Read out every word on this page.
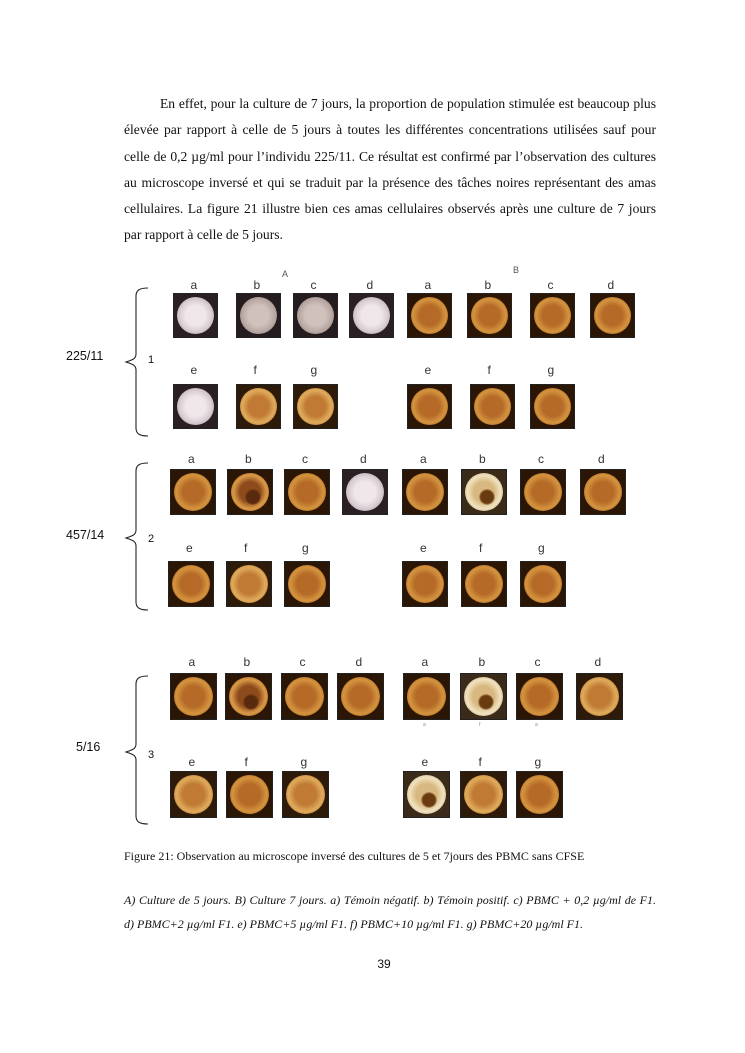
En effet, pour la culture de 7 jours, la proportion de population stimulée est beaucoup plus élevée par rapport à celle de 5 jours à toutes les différentes concentrations utilisées sauf pour celle de 0,2 µg/ml pour l’individu 225/11. Ce résultat est confirmé par l’observation des cultures au microscope inversé et qui se traduit par la présence des tâches noires représentant des amas cellulaires. La figure 21 illustre bien ces amas cellulaires observés après une culture de 7 jours par rapport à celle de 5 jours.

a	b	c	d	a	b	c	d
e	f	g	e	f	g
a	b	c	d	a	b	c	d
e	f	g	e	f	g
a	b	c	d	a	b	c	d
e	f	g	e	f	g
A	B
a	f	a
225/11
457/14
5/16
1
2
3

Figure 21: Observation au microscope inversé des cultures de 5 et 7jours des PBMC sans CFSE

A) Culture de 5 jours. B) Culture 7 jours. a) Témoin négatif. b) Témoin positif. c) PBMC + 0,2 µg/ml de F1. d) PBMC+2 µg/ml F1. e) PBMC+5 µg/ml F1. f) PBMC+10 µg/ml F1. g) PBMC+20 µg/ml F1.

39
